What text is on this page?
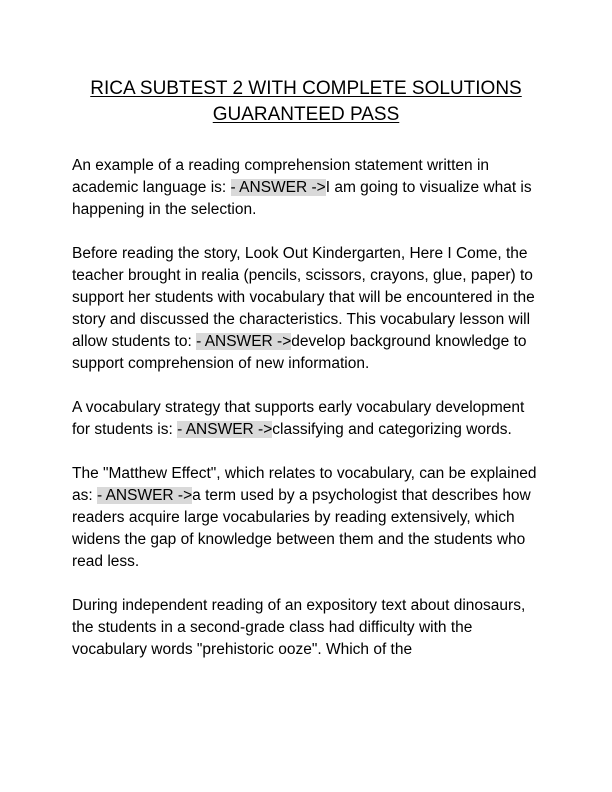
RICA SUBTEST 2 WITH COMPLETE SOLUTIONS
GUARANTEED PASS

An example of a reading comprehension statement written in academic language is: - ANSWER ->I am going to visualize what is happening in the selection.

Before reading the story, Look Out Kindergarten, Here I Come, the teacher brought in realia (pencils, scissors, crayons, glue, paper) to support her students with vocabulary that will be encountered in the story and discussed the characteristics. This vocabulary lesson will allow students to: - ANSWER ->develop background knowledge to support comprehension of new information.

A vocabulary strategy that supports early vocabulary development for students is: - ANSWER ->classifying and categorizing words.

The "Matthew Effect", which relates to vocabulary, can be explained as: - ANSWER ->a term used by a psychologist that describes how readers acquire large vocabularies by reading extensively, which widens the gap of knowledge between them and the students who read less.

During independent reading of an expository text about dinosaurs, the students in a second-grade class had difficulty with the vocabulary words "prehistoric ooze". Which of the
